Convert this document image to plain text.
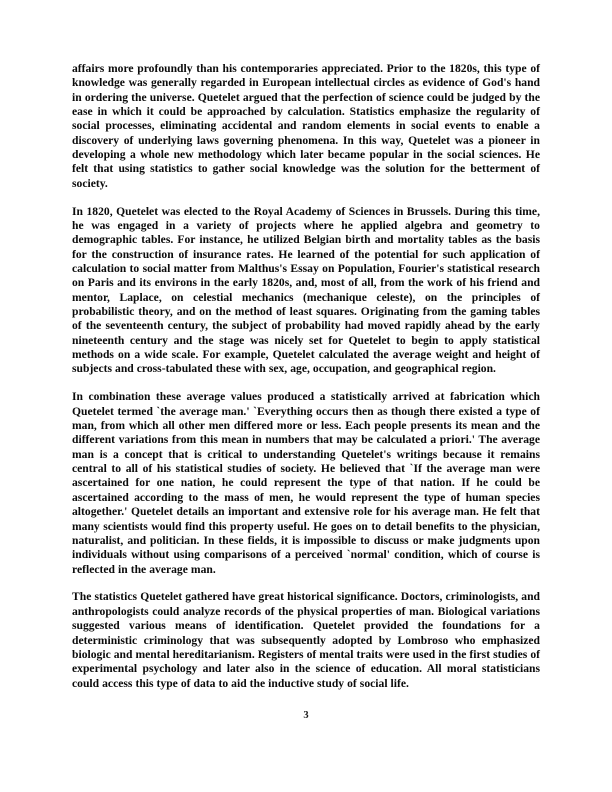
affairs more profoundly than his contemporaries appreciated. Prior to the 1820s, this type of knowledge was generally regarded in European intellectual circles as evidence of God's hand in ordering the universe. Quetelet argued that the perfection of science could be judged by the ease in which it could be approached by calculation. Statistics emphasize the regularity of social processes, eliminating accidental and random elements in social events to enable a discovery of underlying laws governing phenomena. In this way, Quetelet was a pioneer in developing a whole new methodology which later became popular in the social sciences. He felt that using statistics to gather social knowledge was the solution for the betterment of society.

In 1820, Quetelet was elected to the Royal Academy of Sciences in Brussels. During this time, he was engaged in a variety of projects where he applied algebra and geometry to demographic tables. For instance, he utilized Belgian birth and mortality tables as the basis for the construction of insurance rates. He learned of the potential for such application of calculation to social matter from Malthus's Essay on Population, Fourier's statistical research on Paris and its environs in the early 1820s, and, most of all, from the work of his friend and mentor, Laplace, on celestial mechanics (mechanique celeste), on the principles of probabilistic theory, and on the method of least squares. Originating from the gaming tables of the seventeenth century, the subject of probability had moved rapidly ahead by the early nineteenth century and the stage was nicely set for Quetelet to begin to apply statistical methods on a wide scale. For example, Quetelet calculated the average weight and height of subjects and cross-tabulated these with sex, age, occupation, and geographical region.

In combination these average values produced a statistically arrived at fabrication which Quetelet termed `the average man.' `Everything occurs then as though there existed a type of man, from which all other men differed more or less. Each people presents its mean and the different variations from this mean in numbers that may be calculated a priori.' The average man is a concept that is critical to understanding Quetelet's writings because it remains central to all of his statistical studies of society. He believed that `If the average man were ascertained for one nation, he could represent the type of that nation. If he could be ascertained according to the mass of men, he would represent the type of human species altogether.' Quetelet details an important and extensive role for his average man. He felt that many scientists would find this property useful. He goes on to detail benefits to the physician, naturalist, and politician. In these fields, it is impossible to discuss or make judgments upon individuals without using comparisons of a perceived `normal' condition, which of course is reflected in the average man.

The statistics Quetelet gathered have great historical significance. Doctors, criminologists, and anthropologists could analyze records of the physical properties of man. Biological variations suggested various means of identification. Quetelet provided the foundations for a deterministic criminology that was subsequently adopted by Lombroso who emphasized biologic and mental hereditarianism. Registers of mental traits were used in the first studies of experimental psychology and later also in the science of education. All moral statisticians could access this type of data to aid the inductive study of social life.

3
